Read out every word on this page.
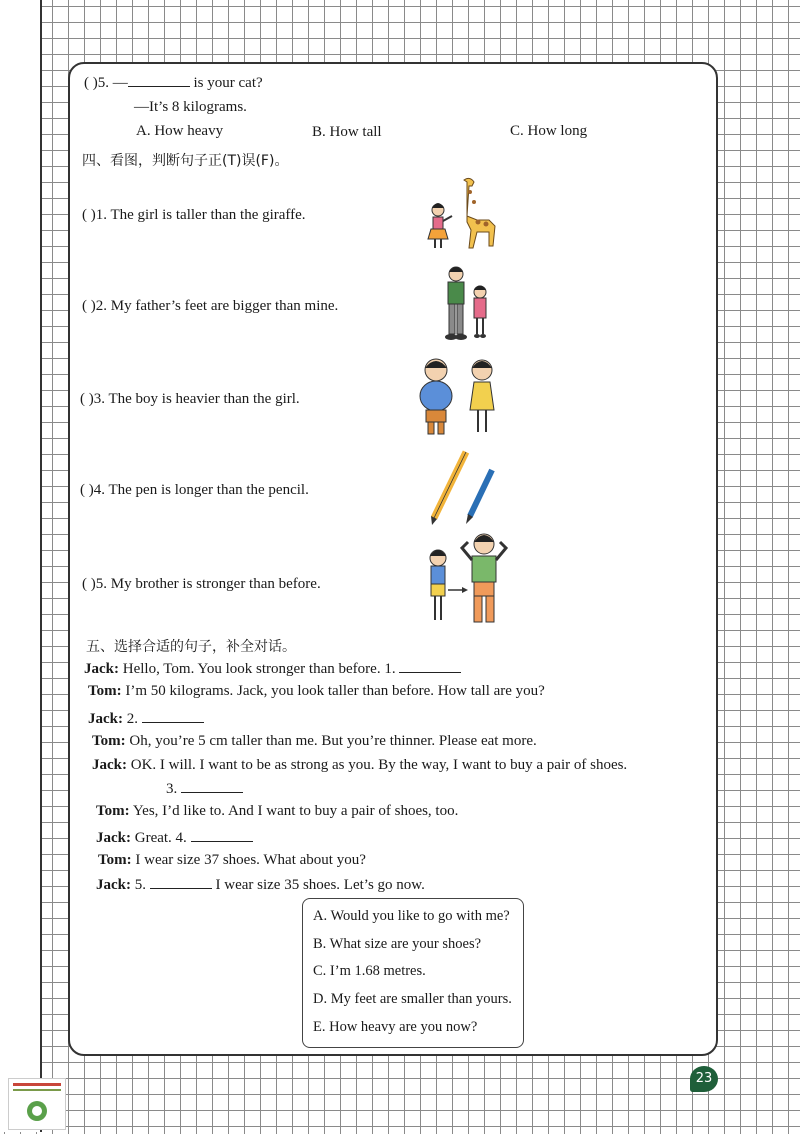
( )5. —	is your cat?
—It’s 8 kilograms.
A. How heavy	B. How tall	C. How long
四、看图，判断句子正(T)误(F)。
( )1. The girl is taller than the giraffe.
( )2. My father’s feet are bigger than mine.
( )3. The boy is heavier than the girl.
( )4. The pen is longer than the pencil.
( )5. My brother is stronger than before.
五、选择合适的句子，补全对话。
Jack: Hello, Tom. You look stronger than before. 1.
Tom: I’m 50 kilograms. Jack, you look taller than before. How tall are you?
Jack: 2.
Tom: Oh, you’re 5 cm taller than me. But you’re thinner. Please eat more.
Jack: OK. I will. I want to be as strong as you. By the way, I want to buy a pair of shoes.
3.
Tom: Yes, I’d like to. And I want to buy a pair of shoes, too.
Jack: Great. 4.
Tom: I wear size 37 shoes. What about you?
Jack: 5.	I wear size 35 shoes. Let’s go now.
A. Would you like to go with me?
B. What size are your shoes?
C. I’m 1.68 metres.
D. My feet are smaller than yours.
E. How heavy are you now?
23
